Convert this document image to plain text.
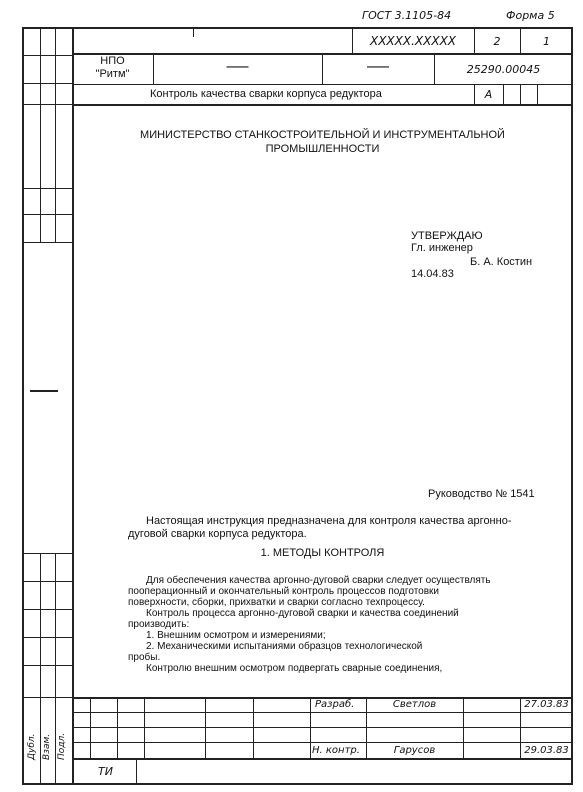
ГОСТ 3.1105-84	Форма 5
Дубл. Взам. Подл.
XXXXX.XXXXX	2	1
НПО
"Ритм"
——	——	25290.00045
Контроль качества сварки корпуса редуктора	А
МИНИСТЕРСТВО СТАНКОСТРОИТЕЛЬНОЙ И ИНСТРУМЕНТАЛЬНОЙ
ПРОМЫШЛЕННОСТИ
УТВЕРЖДАЮ
Гл. инженер
Б. А. Костин
14.04.83
Руководство № 1541
Настоящая инструкция предназначена для контроля качества аргонно-
дуговой сварки корпуса редуктора.
1. МЕТОДЫ КОНТРОЛЯ
Для обеспечения качества аргонно-дуговой сварки следует осуществлять
пооперационный и окончательный контроль процессов подготовки
поверхности, сборки, прихватки и сварки согласно техпроцессу.
Контроль процесса аргонно-дуговой сварки и качества соединений
производить:
1. Внешним осмотром и измерениями;
2. Механическими испытаниями образцов технологической
пробы.
Контролю внешним осмотром подвергать сварные соединения,
Разраб.	Светлов	27.03.83
Н. контр.	Гарусов	29.03.83
ТИ
